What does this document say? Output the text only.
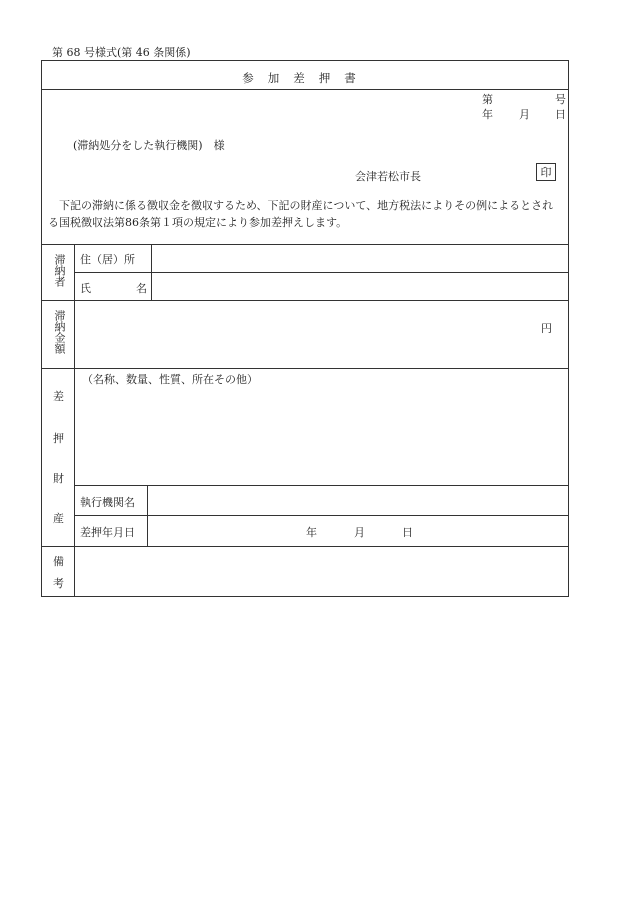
第 68 号様式(第 46 条関係)
参加差押書
第	号
年 月 日
(滞納処分をした執行機関)　様
会津若松市長	印
下記の滞納に係る徴収金を徴収するため、下記の財産について、地方税法によりその例によるとされる国税徴収法第86条第１項の規定により参加差押えします。
滞納者 住（居）所
氏	名
滞納金額	円
差
押
財
産
（名称、数量、性質、所在その他）
執行機関名
差押年月日	年	月	日
備
考
